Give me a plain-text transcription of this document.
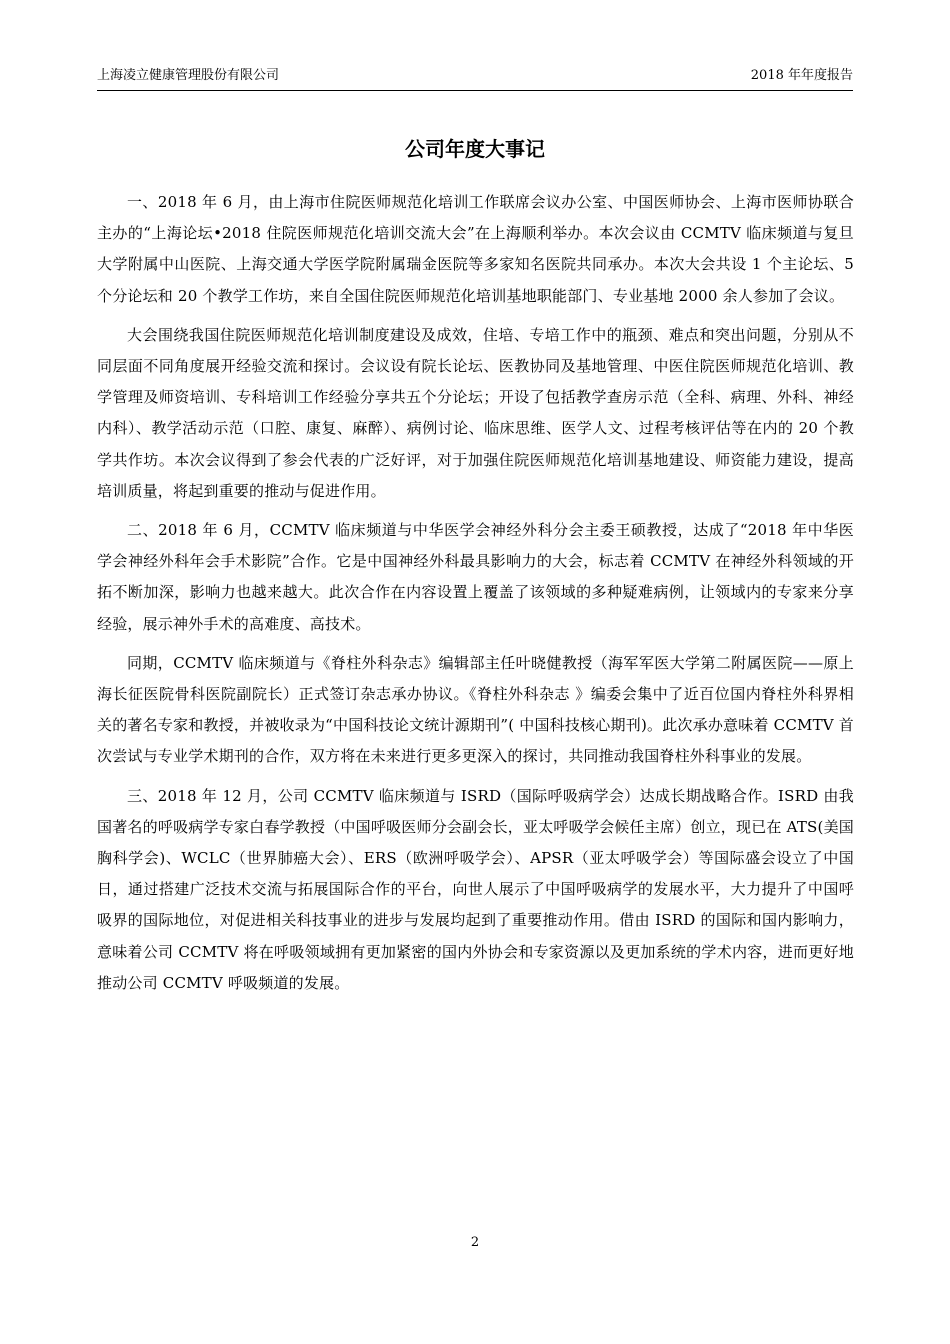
上海凌立健康管理股份有限公司	2018 年年度报告
公司年度大事记

一、2018 年 6 月，由上海市住院医师规范化培训工作联席会议办公室、中国医师协会、上海市医师协联合主办的“上海论坛•2018 住院医师规范化培训交流大会”在上海顺利举办。本次会议由 CCMTV 临床频道与复旦大学附属中山医院、上海交通大学医学院附属瑞金医院等多家知名医院共同承办。本次大会共设 1 个主论坛、5 个分论坛和 20 个教学工作坊，来自全国住院医师规范化培训基地职能部门、专业基地 2000 余人参加了会议。

大会围绕我国住院医师规范化培训制度建设及成效，住培、专培工作中的瓶颈、难点和突出问题，分别从不同层面不同角度展开经验交流和探讨。会议设有院长论坛、医教协同及基地管理、中医住院医师规范化培训、教学管理及师资培训、专科培训工作经验分享共五个分论坛；开设了包括教学查房示范（全科、病理、外科、神经内科）、教学活动示范（口腔、康复、麻醉）、病例讨论、临床思维、医学人文、过程考核评估等在内的 20 个教学共作坊。本次会议得到了参会代表的广泛好评，对于加强住院医师规范化培训基地建设、师资能力建设，提高培训质量，将起到重要的推动与促进作用。

二、2018 年 6 月，CCMTV 临床频道与中华医学会神经外科分会主委王硕教授，达成了“2018 年中华医学会神经外科年会手术影院”合作。它是中国神经外科最具影响力的大会，标志着 CCMTV 在神经外科领域的开拓不断加深，影响力也越来越大。此次合作在内容设置上覆盖了该领域的多种疑难病例，让领域内的专家来分享经验，展示神外手术的高难度、高技术。

同期，CCMTV 临床频道与《脊柱外科杂志》编辑部主任叶晓健教授（海军军医大学第二附属医院——原上海长征医院骨科医院副院长）正式签订杂志承办协议。《脊柱外科杂志 》编委会集中了近百位国内脊柱外科界相关的著名专家和教授，并被收录为“中国科技论文统计源期刊”( 中国科技核心期刊)。此次承办意味着 CCMTV 首次尝试与专业学术期刊的合作，双方将在未来进行更多更深入的探讨，共同推动我国脊柱外科事业的发展。

三、2018 年 12 月，公司 CCMTV 临床频道与 ISRD（国际呼吸病学会）达成长期战略合作。ISRD 由我国著名的呼吸病学专家白春学教授（中国呼吸医师分会副会长，亚太呼吸学会候任主席）创立，现已在 ATS(美国胸科学会)、WCLC（世界肺癌大会）、ERS（欧洲呼吸学会）、APSR（亚太呼吸学会）等国际盛会设立了中国日，通过搭建广泛技术交流与拓展国际合作的平台，向世人展示了中国呼吸病学的发展水平，大力提升了中国呼吸界的国际地位，对促进相关科技事业的进步与发展均起到了重要推动作用。借由 ISRD 的国际和国内影响力，意味着公司 CCMTV 将在呼吸领域拥有更加紧密的国内外协会和专家资源以及更加系统的学术内容，进而更好地推动公司 CCMTV 呼吸频道的发展。

2
